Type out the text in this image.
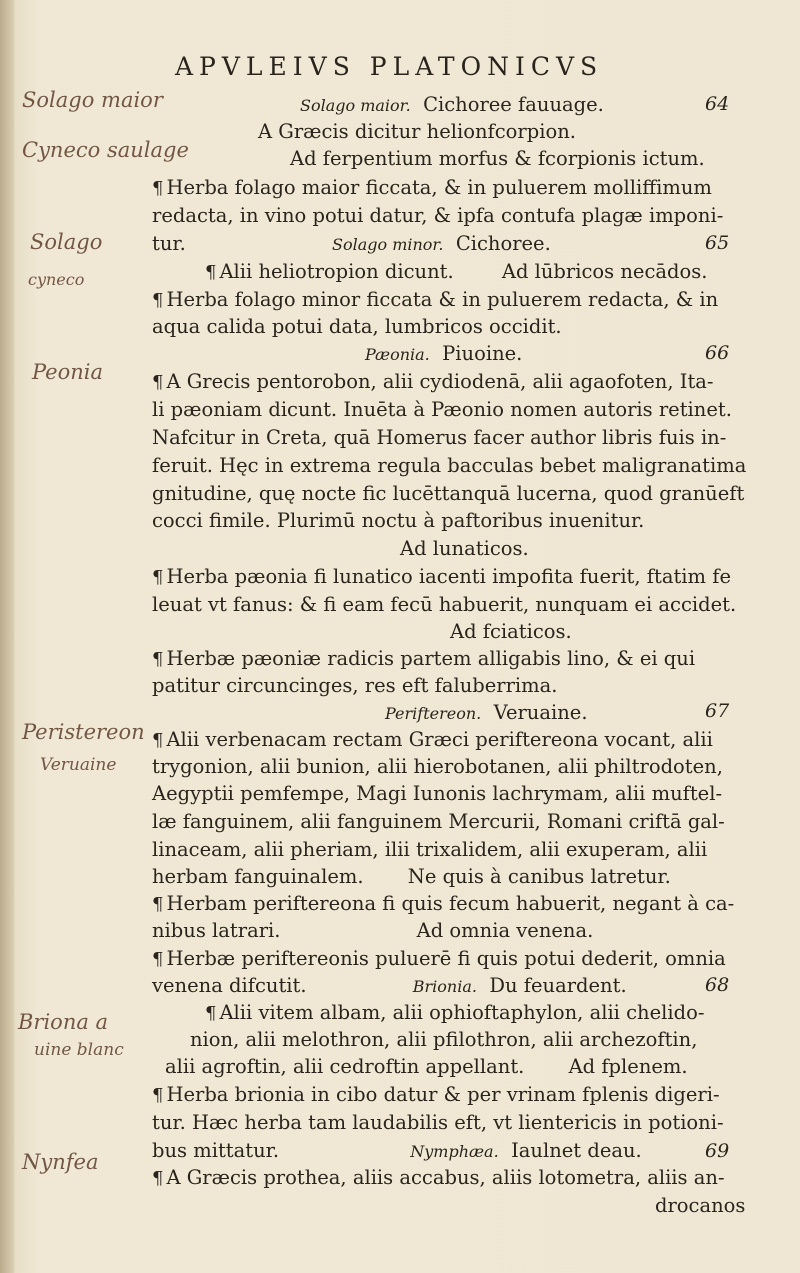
APVLEIVS PLATONICVS
64
65
66
67
68
69
Solago maior
Cyneco saulage
Solago
cyneco
Peonia
Peristereon
Veruaine
Briona a
uine blanc
Nynfea
Solago maior. Cichoree fauuage.
A Græcis dicitur helionfcorpion.
Ad ferpentium morfus & fcorpionis ictum.
¶ Herba folago maior ficcata, & in puluerem molliffimum
redacta, in vino potui datur, & ipfa contufa plagæ imponi-
tur.	Solago minor. Cichoree.
¶ Alii heliotropion dicunt. Ad lūbricos necādos.
¶ Herba folago minor ficcata & in puluerem redacta, & in
aqua calida potui data, lumbricos occidit.
Pæonia. Piuoine.
¶ A Grecis pentorobon, alii cydiodenā, alii agaofoten, Ita-
li pæoniam dicunt. Inuēta à Pæonio nomen autoris retinet.
Nafcitur in Creta, quā Homerus facer author libris fuis in-
feruit. Hęc in extrema regula bacculas bebet maligranatima
gnitudine, quę nocte fic lucēttanquā lucerna, quod granūeft
cocci fimile. Plurimū noctu à paftoribus inuenitur.
Ad lunaticos.
¶ Herba pæonia fi lunatico iacenti impofita fuerit, ftatim fe
leuat vt fanus: & fi eam fecū habuerit, nunquam ei accidet.
Ad fciaticos.
¶ Herbæ pæoniæ radicis partem alligabis lino, & ei qui
patitur circuncinges, res eft faluberrima.
Periftereon. Veruaine.
¶ Alii verbenacam rectam Græci periftereona vocant, alii
trygonion, alii bunion, alii hierobotanen, alii philtrodoten,
Aegyptii pemfempe, Magi Iunonis lachrymam, alii muftel-
læ fanguinem, alii fanguinem Mercurii, Romani criftā gal-
linaceam, alii pheriam, ilii trixalidem, alii exuperam, alii
herbam fanguinalem. Ne quis à canibus latretur.
¶ Herbam periftereona fi quis fecum habuerit, negant à ca-
nibus latrari.	Ad omnia venena.
¶ Herbæ periftereonis puluerē fi quis potui dederit, omnia
venena difcutit.	Brionia. Du feuardent.
¶ Alii vitem albam, alii ophioftaphylon, alii chelido-
nion, alii melothron, alii pfilothron, alii archezoftin,
alii agroftin, alii cedroftin appellant. Ad fplenem.
¶ Herba brionia in cibo datur & per vrinam fplenis digeri-
tur. Hæc herba tam laudabilis eft, vt lientericis in potioni-
bus mittatur.	Nymphæa. Iaulnet deau.
¶ A Græcis prothea, aliis accabus, aliis lotometra, aliis an-
drocanos
